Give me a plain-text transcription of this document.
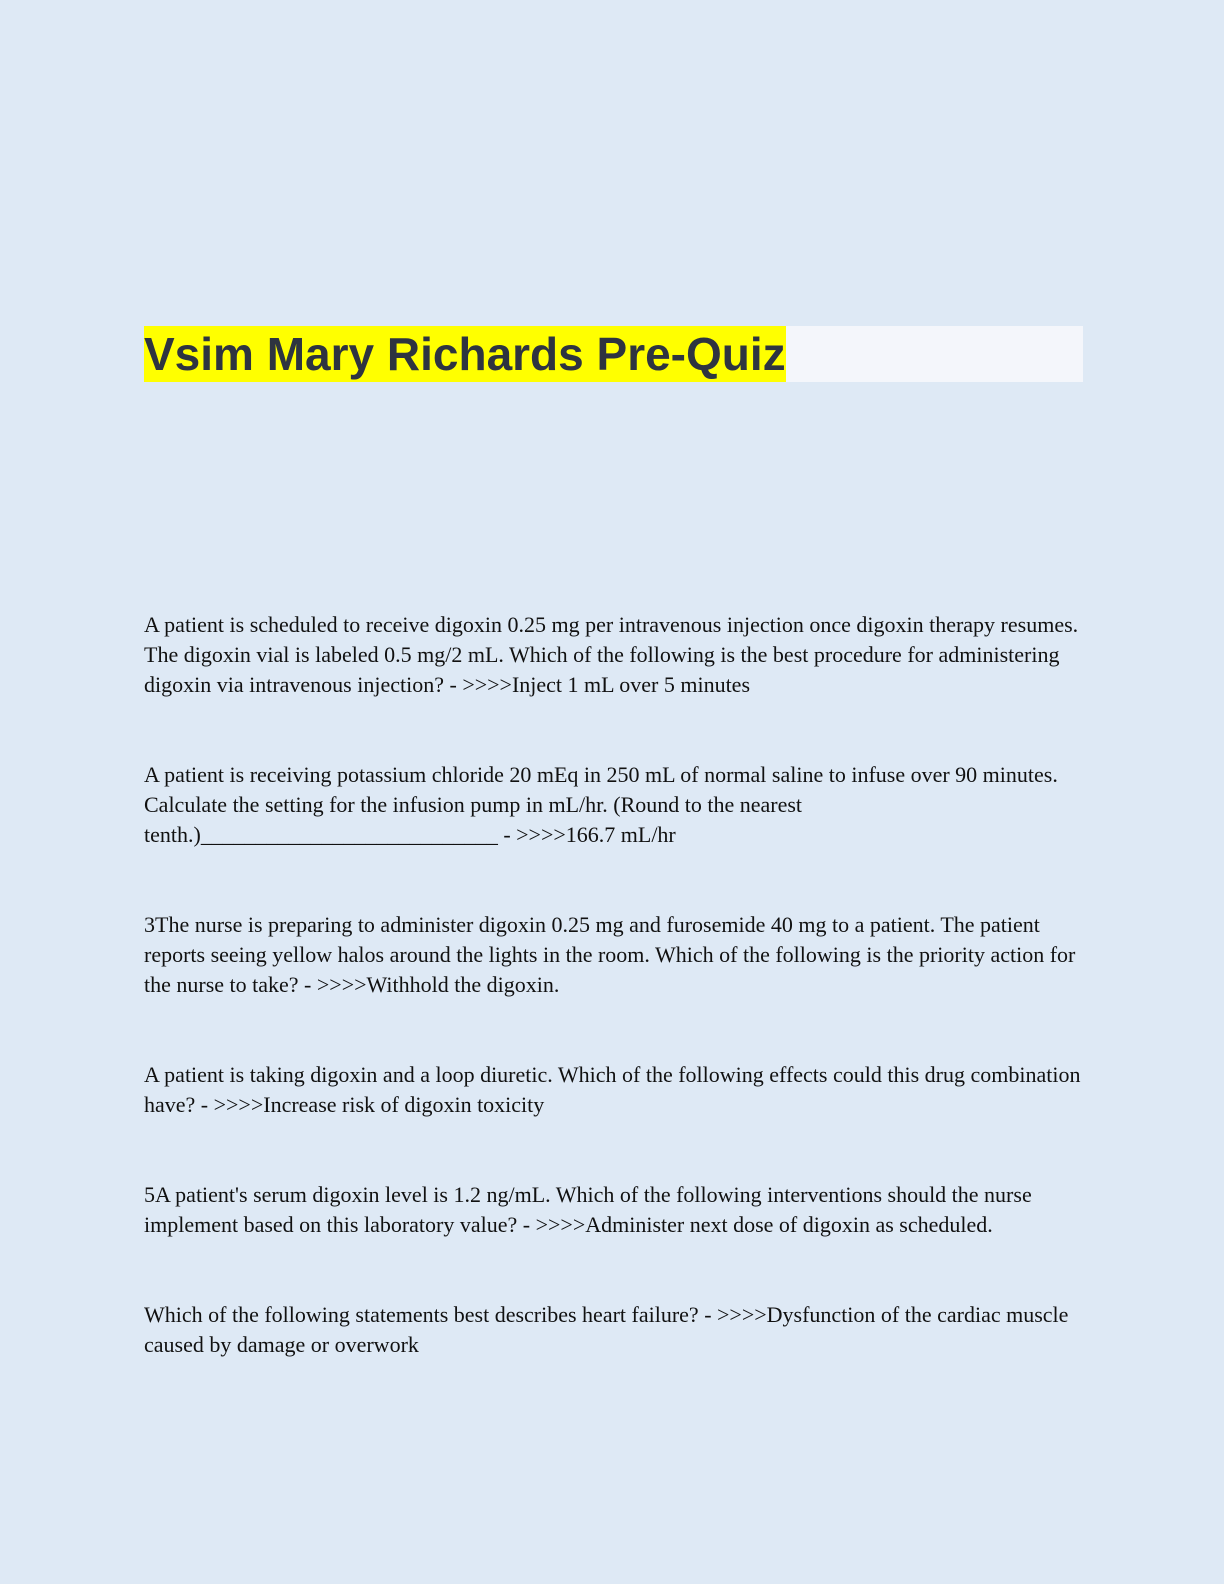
Vsim Mary Richards Pre-Quiz
A patient is scheduled to receive digoxin 0.25 mg per intravenous injection once digoxin therapy resumes. The digoxin vial is labeled 0.5 mg/2 mL. Which of the following is the best procedure for administering digoxin via intravenous injection? - >>>>Inject 1 mL over 5 minutes
A patient is receiving potassium chloride 20 mEq in 250 mL of normal saline to infuse over 90 minutes. Calculate the setting for the infusion pump in mL/hr. (Round to the nearest tenth.)___________________________ - >>>>166.7 mL/hr
3The nurse is preparing to administer digoxin 0.25 mg and furosemide 40 mg to a patient. The patient reports seeing yellow halos around the lights in the room. Which of the following is the priority action for the nurse to take? - >>>>Withhold the digoxin.
A patient is taking digoxin and a loop diuretic. Which of the following effects could this drug combination have? - >>>>Increase risk of digoxin toxicity
5A patient's serum digoxin level is 1.2 ng/mL. Which of the following interventions should the nurse implement based on this laboratory value? - >>>>Administer next dose of digoxin as scheduled.
Which of the following statements best describes heart failure? - >>>>Dysfunction of the cardiac muscle caused by damage or overwork
